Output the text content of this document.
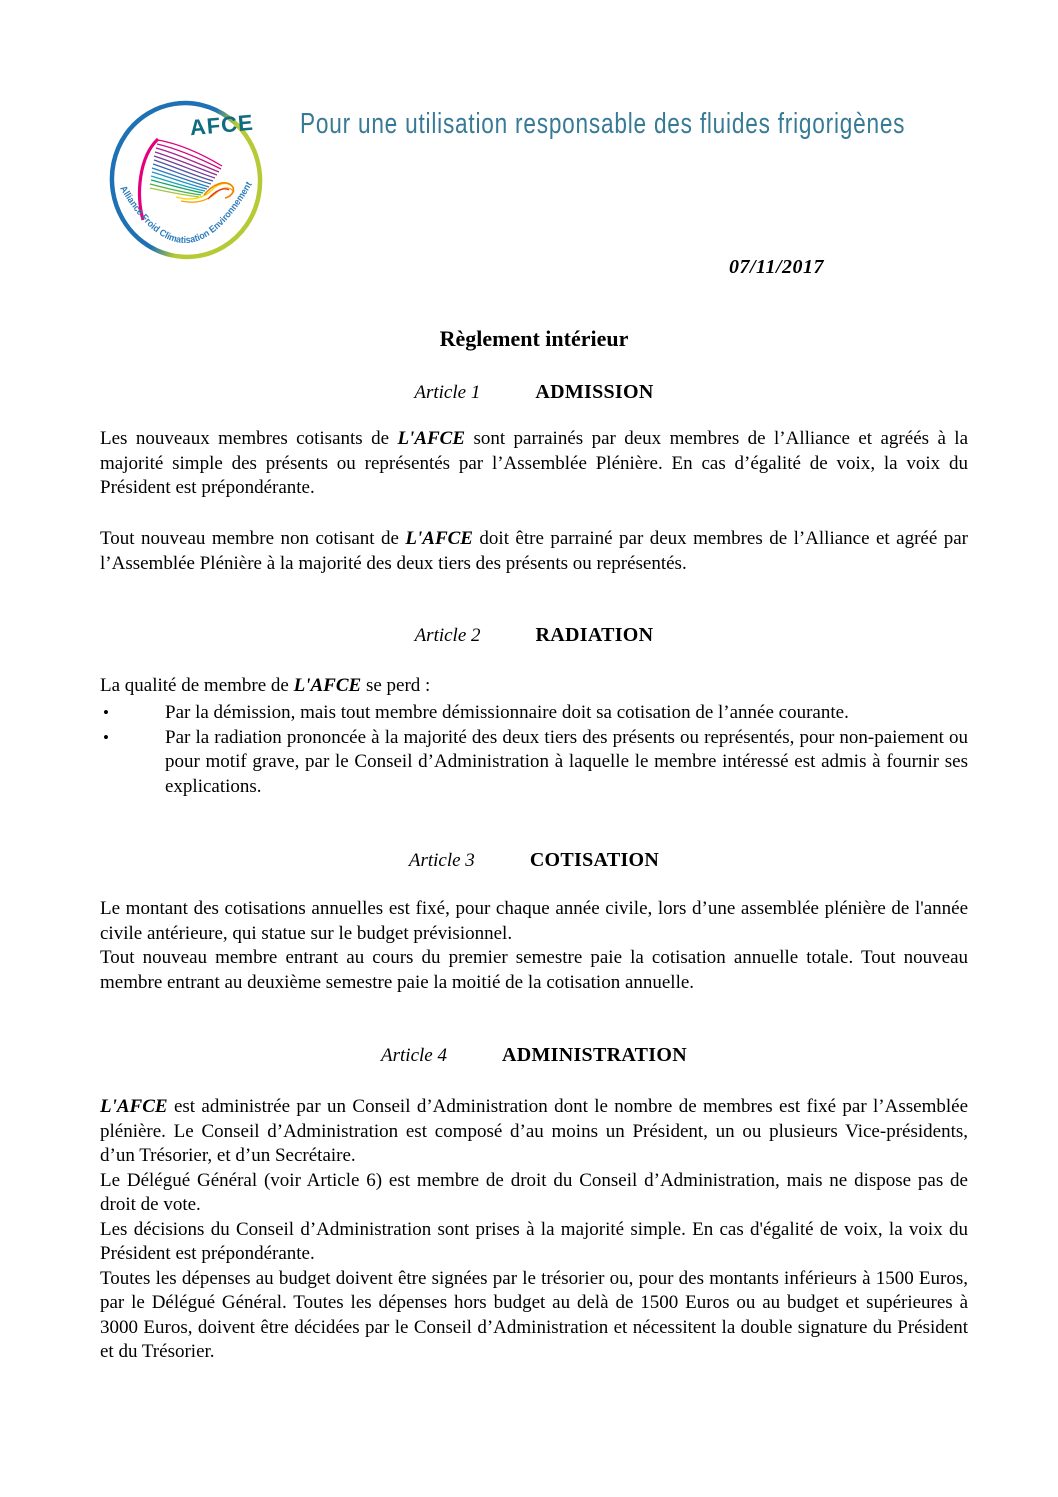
AFCE
Alliance Froid Climatisation Environnement
Pour une utilisation responsable des fluides frigorigènes
07/11/2017
Règlement intérieur
Article 1	ADMISSION

Les nouveaux membres cotisants de L'AFCE sont parrainés par deux membres de l’Alliance et agréés à la majorité simple des présents ou représentés par l’Assemblée Plénière. En cas d’égalité de voix, la voix du Président est prépondérante.

Tout nouveau membre non cotisant de L'AFCE doit être parrainé par deux membres de l’Alliance et agréé par l’Assemblée Plénière à la majorité des deux tiers des présents ou représentés.

Article 2	RADIATION

La qualité de membre de L'AFCE se perd :

•	Par la démission, mais tout membre démissionnaire doit sa cotisation de l’année courante.
•	Par la radiation prononcée à la majorité des deux tiers des présents ou représentés, pour non-paiement ou pour motif grave, par le Conseil d’Administration à laquelle le membre intéressé est admis à fournir ses explications.
Article 3	COTISATION

Le montant des cotisations annuelles est fixé, pour chaque année civile, lors d’une assemblée plénière de l'année civile antérieure, qui statue sur le budget prévisionnel.

Tout nouveau membre entrant au cours du premier semestre paie la cotisation annuelle totale. Tout nouveau membre entrant au deuxième semestre paie la moitié de la cotisation annuelle.

Article 4	ADMINISTRATION

L'AFCE est administrée par un Conseil d’Administration dont le nombre de membres est fixé par l’Assemblée plénière. Le Conseil d’Administration est composé d’au moins un Président, un ou plusieurs Vice-présidents, d’un Trésorier, et d’un Secrétaire.

Le Délégué Général (voir Article 6) est membre de droit du Conseil d’Administration, mais ne dispose pas de droit de vote.

Les décisions du Conseil d’Administration sont prises à la majorité simple. En cas d'égalité de voix, la voix du Président est prépondérante.

Toutes les dépenses au budget doivent être signées par le trésorier ou, pour des montants inférieurs à 1500 Euros, par le Délégué Général. Toutes les dépenses hors budget au delà de 1500 Euros ou au budget et supérieures à 3000 Euros, doivent être décidées par le Conseil d’Administration et nécessitent la double signature du Président et du Trésorier.
